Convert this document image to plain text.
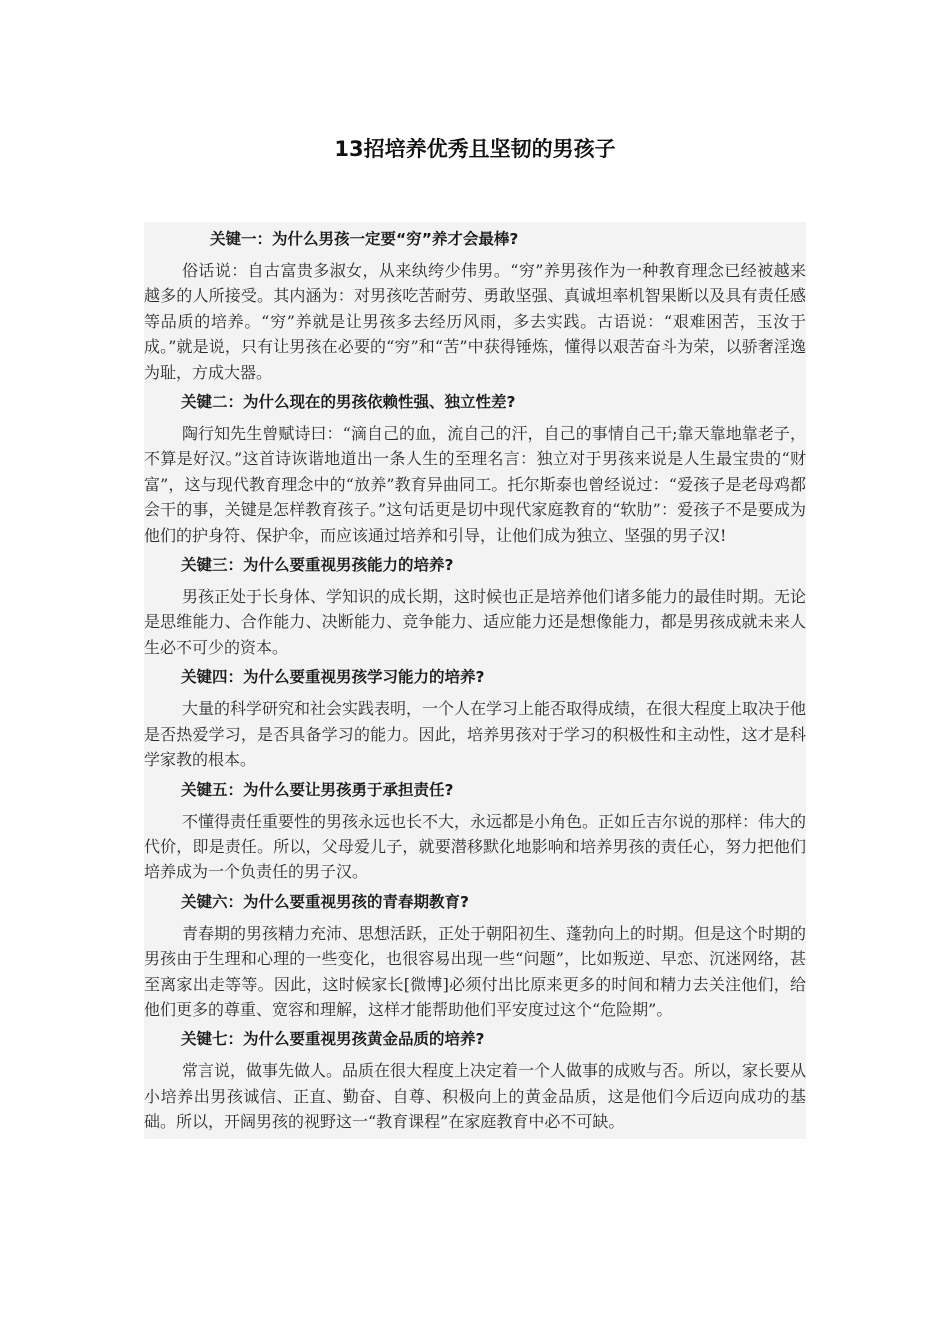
13招培养优秀且坚韧的男孩子

关键一：为什么男孩一定要“穷”养才会最棒?

俗话说：自古富贵多淑女，从来纨绔少伟男。“穷”养男孩作为一种教育理念已经被越来越多的人所接受。其内涵为：对男孩吃苦耐劳、勇敢坚强、真诚坦率机智果断以及具有责任感等品质的培养。“穷”养就是让男孩多去经历风雨，多去实践。古语说：“艰难困苦，玉汝于成。”就是说，只有让男孩在必要的“穷”和“苦”中获得锤炼，懂得以艰苦奋斗为荣，以骄奢淫逸为耻，方成大器。

关键二：为什么现在的男孩依赖性强、独立性差?

陶行知先生曾赋诗曰：“滴自己的血，流自己的汗，自己的事情自己干;靠天靠地靠老子，不算是好汉。”这首诗诙谐地道出一条人生的至理名言：独立对于男孩来说是人生最宝贵的“财富”，这与现代教育理念中的“放养”教育异曲同工。托尔斯泰也曾经说过：“爱孩子是老母鸡都会干的事，关键是怎样教育孩子。”这句话更是切中现代家庭教育的“软肋”：爱孩子不是要成为他们的护身符、保护伞，而应该通过培养和引导，让他们成为独立、坚强的男子汉!

关键三：为什么要重视男孩能力的培养?

男孩正处于长身体、学知识的成长期，这时候也正是培养他们诸多能力的最佳时期。无论是思维能力、合作能力、决断能力、竞争能力、适应能力还是想像能力，都是男孩成就未来人生必不可少的资本。

关键四：为什么要重视男孩学习能力的培养?

大量的科学研究和社会实践表明，一个人在学习上能否取得成绩，在很大程度上取决于他是否热爱学习，是否具备学习的能力。因此，培养男孩对于学习的积极性和主动性，这才是科学家教的根本。

关键五：为什么要让男孩勇于承担责任?

不懂得责任重要性的男孩永远也长不大，永远都是小角色。正如丘吉尔说的那样：伟大的代价，即是责任。所以，父母爱儿子，就要潜移默化地影响和培养男孩的责任心，努力把他们培养成为一个负责任的男子汉。

关键六：为什么要重视男孩的青春期教育?

青春期的男孩精力充沛、思想活跃，正处于朝阳初生、蓬勃向上的时期。但是这个时期的男孩由于生理和心理的一些变化，也很容易出现一些“问题”，比如叛逆、早恋、沉迷网络，甚至离家出走等等。因此，这时候家长[微博]必须付出比原来更多的时间和精力去关注他们，给他们更多的尊重、宽容和理解，这样才能帮助他们平安度过这个“危险期”。

关键七：为什么要重视男孩黄金品质的培养?

常言说，做事先做人。品质在很大程度上决定着一个人做事的成败与否。所以，家长要从小培养出男孩诚信、正直、勤奋、自尊、积极向上的黄金品质，这是他们今后迈向成功的基础。所以，开阔男孩的视野这一“教育课程”在家庭教育中必不可缺。
